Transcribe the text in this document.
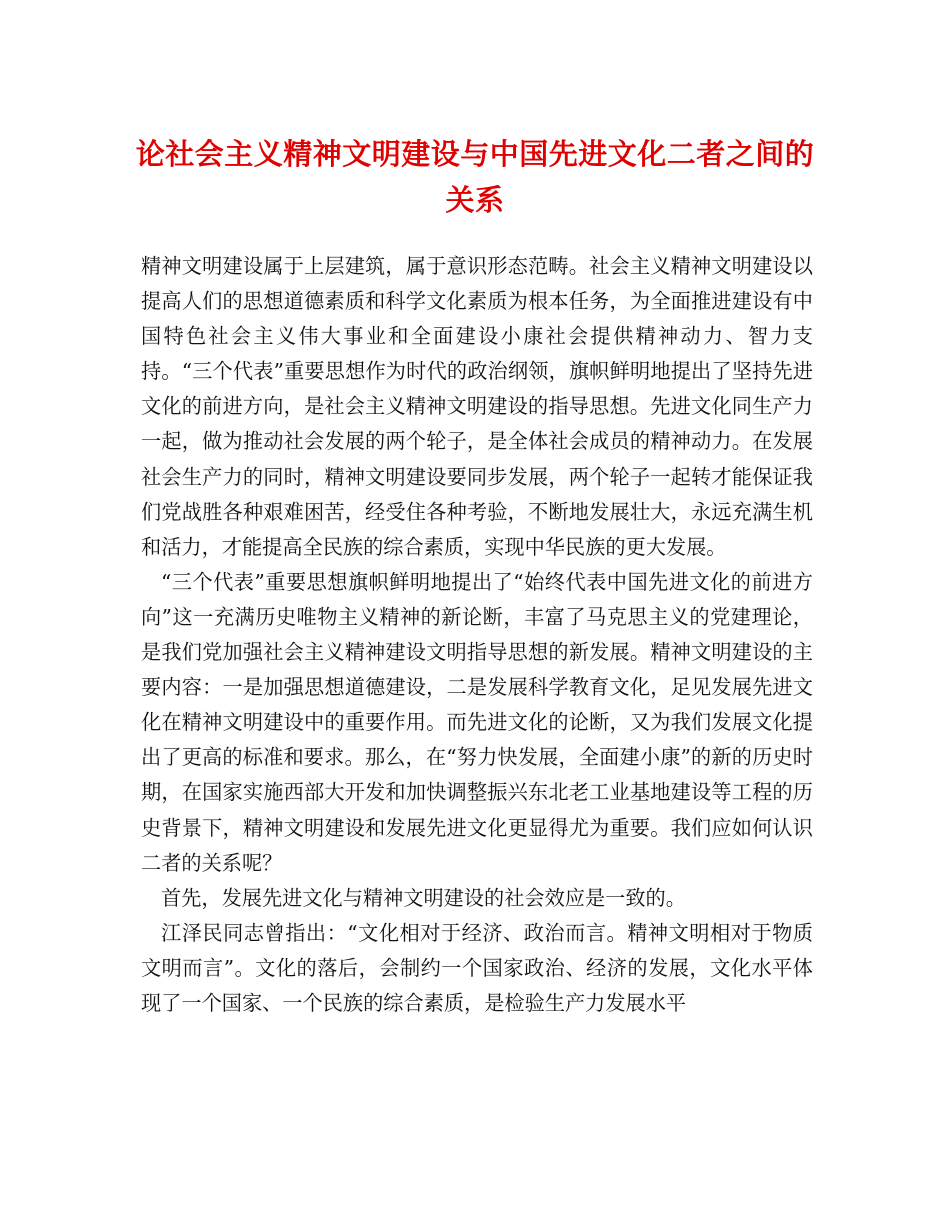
论社会主义精神文明建设与中国先进文化二者之间的关系

精神文明建设属于上层建筑，属于意识形态范畴。社会主义精神文明建设以提高人们的思想道德素质和科学文化素质为根本任务，为全面推进建设有中国特色社会主义伟大事业和全面建设小康社会提供精神动力、智力支持。“三个代表”重要思想作为时代的政治纲领，旗帜鲜明地提出了坚持先进文化的前进方向，是社会主义精神文明建设的指导思想。先进文化同生产力一起，做为推动社会发展的两个轮子，是全体社会成员的精神动力。在发展社会生产力的同时，精神文明建设要同步发展，两个轮子一起转才能保证我们党战胜各种艰难困苦，经受住各种考验，不断地发展壮大，永远充满生机和活力，才能提高全民族的综合素质，实现中华民族的更大发展。

“三个代表”重要思想旗帜鲜明地提出了“始终代表中国先进文化的前进方向”这一充满历史唯物主义精神的新论断，丰富了马克思主义的党建理论，是我们党加强社会主义精神建设文明指导思想的新发展。精神文明建设的主要内容：一是加强思想道德建设，二是发展科学教育文化，足见发展先进文化在精神文明建设中的重要作用。而先进文化的论断，又为我们发展文化提出了更高的标准和要求。那么，在“努力快发展，全面建小康”的新的历史时期，在国家实施西部大开发和加快调整振兴东北老工业基地建设等工程的历史背景下，精神文明建设和发展先进文化更显得尤为重要。我们应如何认识二者的关系呢？

首先，发展先进文化与精神文明建设的社会效应是一致的。

江泽民同志曾指出：“文化相对于经济、政治而言。精神文明相对于物质文明而言”。文化的落后，会制约一个国家政治、经济的发展，文化水平体现了一个国家、一个民族的综合素质，是检验生产力发展水平
